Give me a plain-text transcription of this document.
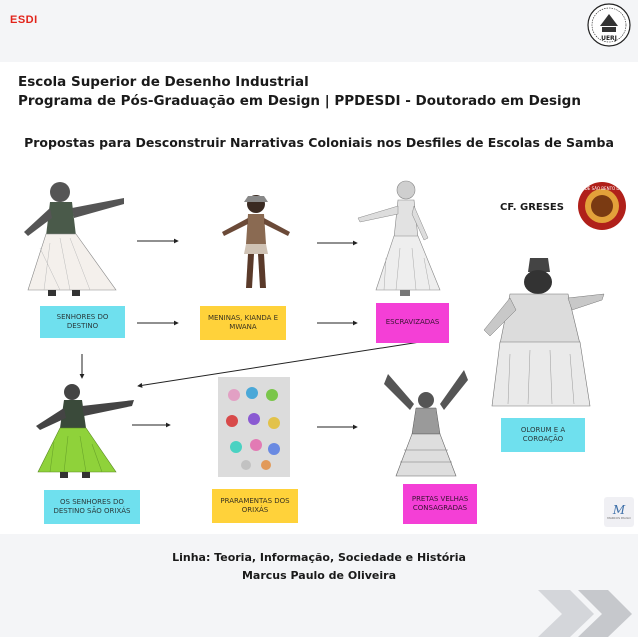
ESDI
UERJ
Escola Superior de Desenho Industrial
Programa de Pós-Graduação em Design | PPDESDI - Doutorado em Design
Propostas para Desconstruir Narrativas Coloniais nos Desfiles de Escolas de Samba
CF. GRESES
PALÁCIO DE SÃO BENTO DO BARRA
SENHORES DO DESTINO
MENINAS, KIANDA E MWANA
ESCRAVIZADAS
OLORUM E A COROAÇÃO
OS SENHORES DO DESTINO SÃO ORIXÁS
PRARAMENTAS DOS ORIXÁS
PRETAS VELHAS CONSAGRADAS	M
MARCUS PAULO
Linha: Teoria, Informação, Sociedade e História
Marcus Paulo de Oliveira
